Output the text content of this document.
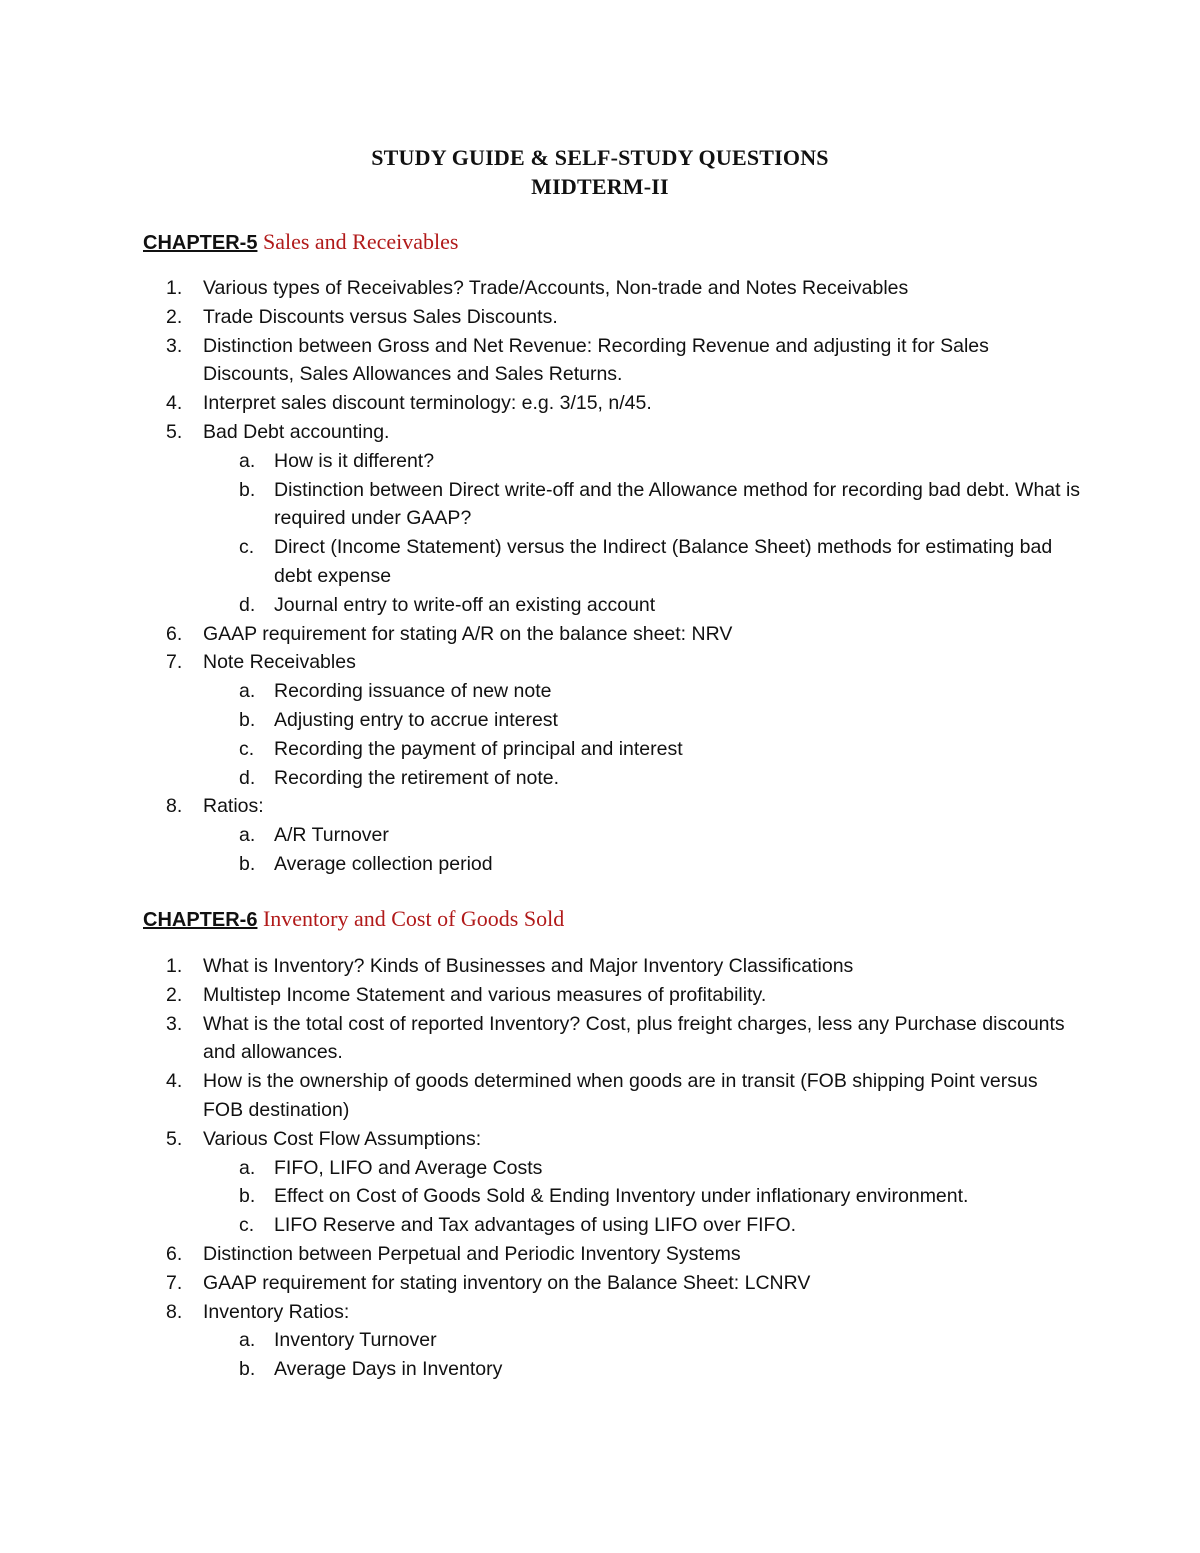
STUDY GUIDE & SELF-STUDY QUESTIONS
MIDTERM-II
CHAPTER-5 Sales and Receivables
1.	Various types of Receivables? Trade/Accounts, Non-trade and Notes Receivables
2.	Trade Discounts versus Sales Discounts.
3.	Distinction between Gross and Net Revenue: Recording Revenue and adjusting it for Sales Discounts, Sales Allowances and Sales Returns.
4.	Interpret sales discount terminology: e.g. 3/15, n/45.
5.	Bad Debt accounting.
a. How is it different?
b. Distinction between Direct write-off and the Allowance method for recording bad debt. What is required under GAAP?
c.	Direct (Income Statement) versus the Indirect (Balance Sheet) methods for estimating bad debt expense
d. Journal entry to write-off an existing account
6.	GAAP requirement for stating A/R on the balance sheet: NRV
7.	Note Receivables
a. Recording issuance of new note
b. Adjusting entry to accrue interest
c.	Recording the payment of principal and interest
d. Recording the retirement of note.
8.	Ratios:
a. A/R Turnover
b. Average collection period
CHAPTER-6 Inventory and Cost of Goods Sold
1.	What is Inventory? Kinds of Businesses and Major Inventory Classifications
2.	Multistep Income Statement and various measures of profitability.
3.	What is the total cost of reported Inventory? Cost, plus freight charges, less any Purchase discounts and allowances.
4.	How is the ownership of goods determined when goods are in transit (FOB shipping Point versus FOB destination)
5.	Various Cost Flow Assumptions:
a. FIFO, LIFO and Average Costs
b. Effect on Cost of Goods Sold & Ending Inventory under inflationary environment.
c.	LIFO Reserve and Tax advantages of using LIFO over FIFO.
6.	Distinction between Perpetual and Periodic Inventory Systems
7.	GAAP requirement for stating inventory on the Balance Sheet: LCNRV
8.	Inventory Ratios:
a. Inventory Turnover
b. Average Days in Inventory
